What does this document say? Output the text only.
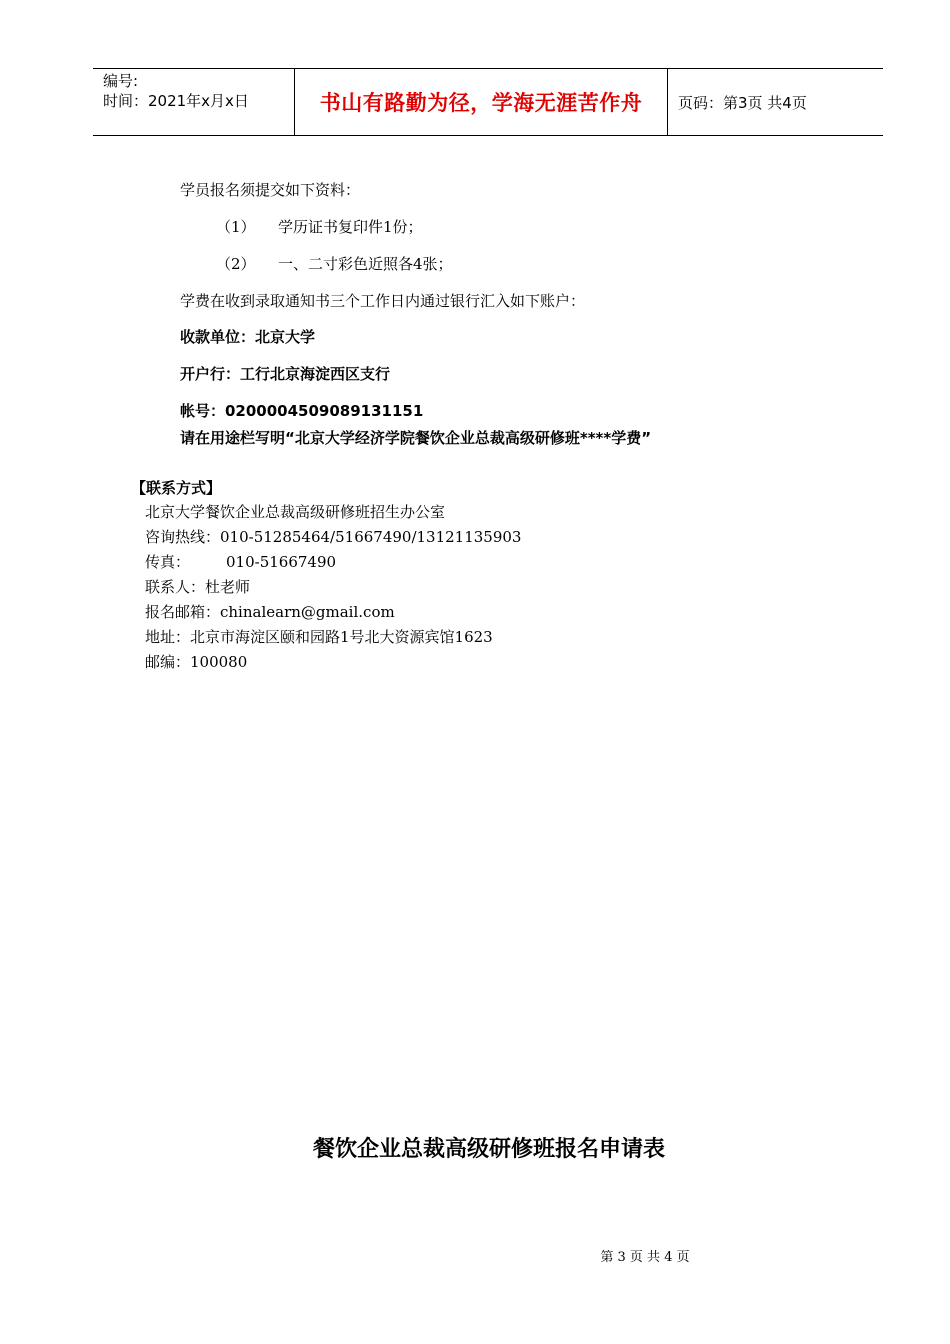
编号:
时间：2021年x月x日	书山有路勤为径，学海无涯苦作舟	页码：第3页 共4页
学员报名须提交如下资料：
（1） 学历证书复印件1份；
（2） 一、二寸彩色近照各4张；
学费在收到录取通知书三个工作日内通过银行汇入如下账户：
收款单位：北京大学
开户行：工行北京海淀西区支行
帐号：0200004509089131151
请在用途栏写明“北京大学经济学院餐饮企业总裁高级研修班****学费”
【联系方式】
北京大学餐饮企业总裁高级研修班招生办公室
咨询热线：010-51285464/51667490/13121135903
传真： 010-51667490
联系人：杜老师
报名邮箱：chinalearn@gmail.com
地址：北京市海淀区颐和园路1号北大资源宾馆1623
邮编：100080
餐饮企业总裁高级研修班报名申请表
第 3 页 共 4 页
